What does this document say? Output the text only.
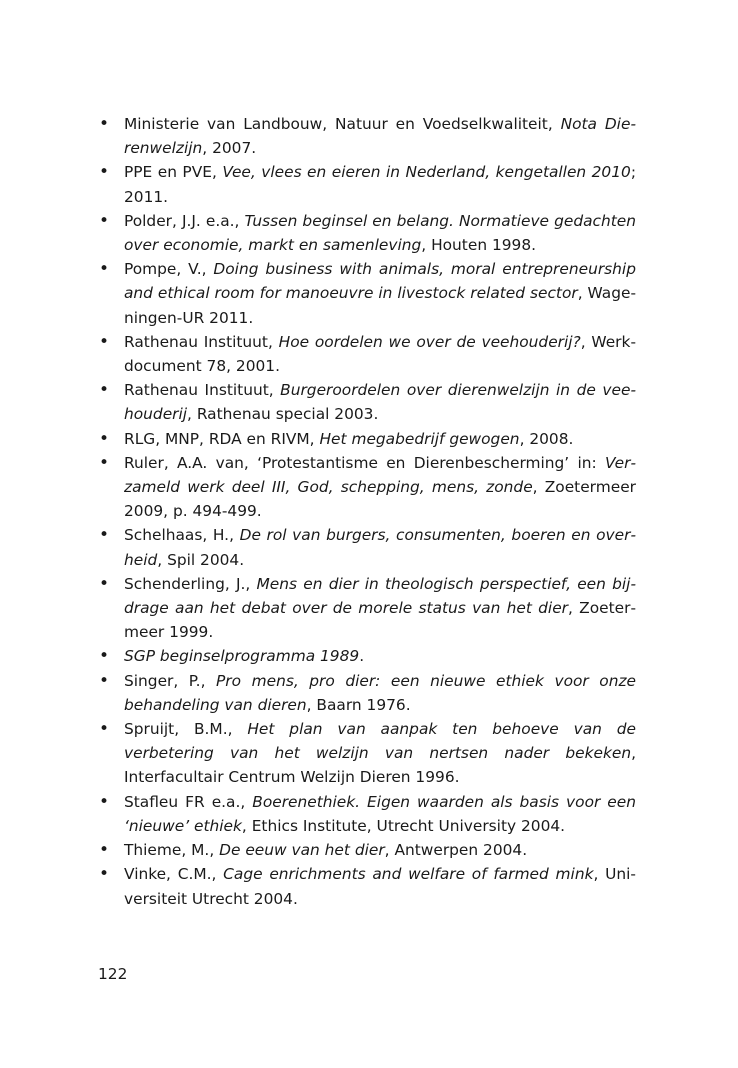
•
Ministerie van Landbouw, Natuur en Voedselkwaliteit, Nota Dierenwelzijn, 2007.
•
PPE en PVE, Vee, vlees en eieren in Nederland, kengetallen 2010; 2011.
•
Polder, J.J. e.a., Tussen beginsel en belang. Normatieve gedachten over economie, markt en samenleving, Houten 1998.
•
Pompe, V., Doing business with animals, moral entrepreneurship and ethical room for manoeuvre in livestock related sector, Wageningen-UR 2011.
•
Rathenau Instituut, Hoe oordelen we over de veehouderij?, Werkdocument 78, 2001.
•
Rathenau Instituut, Burgeroordelen over dierenwelzijn in de veehouderij, Rathenau special 2003.
•
RLG, MNP, RDA en RIVM, Het megabedrijf gewogen, 2008.
•
Ruler, A.A. van, ‘Protestantisme en Dierenbescherming’ in: Verzameld werk deel III, God, schepping, mens, zonde, Zoetermeer 2009, p. 494-499.
•
Schelhaas, H., De rol van burgers, consumenten, boeren en overheid, Spil 2004.
•
Schenderling, J., Mens en dier in theologisch perspectief, een bijdrage aan het debat over de morele status van het dier, Zoetermeer 1999.
•
SGP beginselprogramma 1989.
•
Singer, P., Pro mens, pro dier: een nieuwe ethiek voor onze behandeling van dieren, Baarn 1976.
•
Spruijt, B.M., Het plan van aanpak ten behoeve van de verbetering van het welzijn van nertsen nader bekeken, Interfacultair Centrum Welzijn Dieren 1996.
•
Stafleu FR e.a., Boerenethiek. Eigen waarden als basis voor een ‘nieuwe’ ethiek, Ethics Institute, Utrecht University 2004.
•
Thieme, M., De eeuw van het dier, Antwerpen 2004.
•
Vinke, C.M., Cage enrichments and welfare of farmed mink, Universiteit Utrecht 2004.
122
